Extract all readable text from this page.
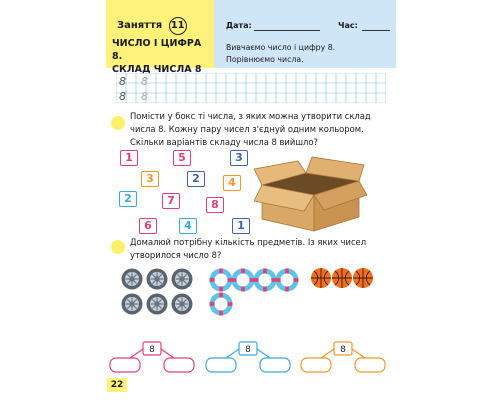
Заняття 11
ЧИСЛО І ЦИФРА 8.
СКЛАД ЧИСЛА 8
Дата:	Час:
Вивчаємо число і цифру 8.
Порівнюємо числа.
8 8
8 8
Помісти у бокс ті числа, з яких можна утворити склад
числа 8. Кожну пару чисел з'єднуй одним кольором.
Скільки варіантів складу числа 8 вийшло?
1	5	3
3	2	4
2	7	8
6	4	1
Домалюй потрібну кількість предметів. Із яких чисел
утворилося число 8?
8	8	8
22
